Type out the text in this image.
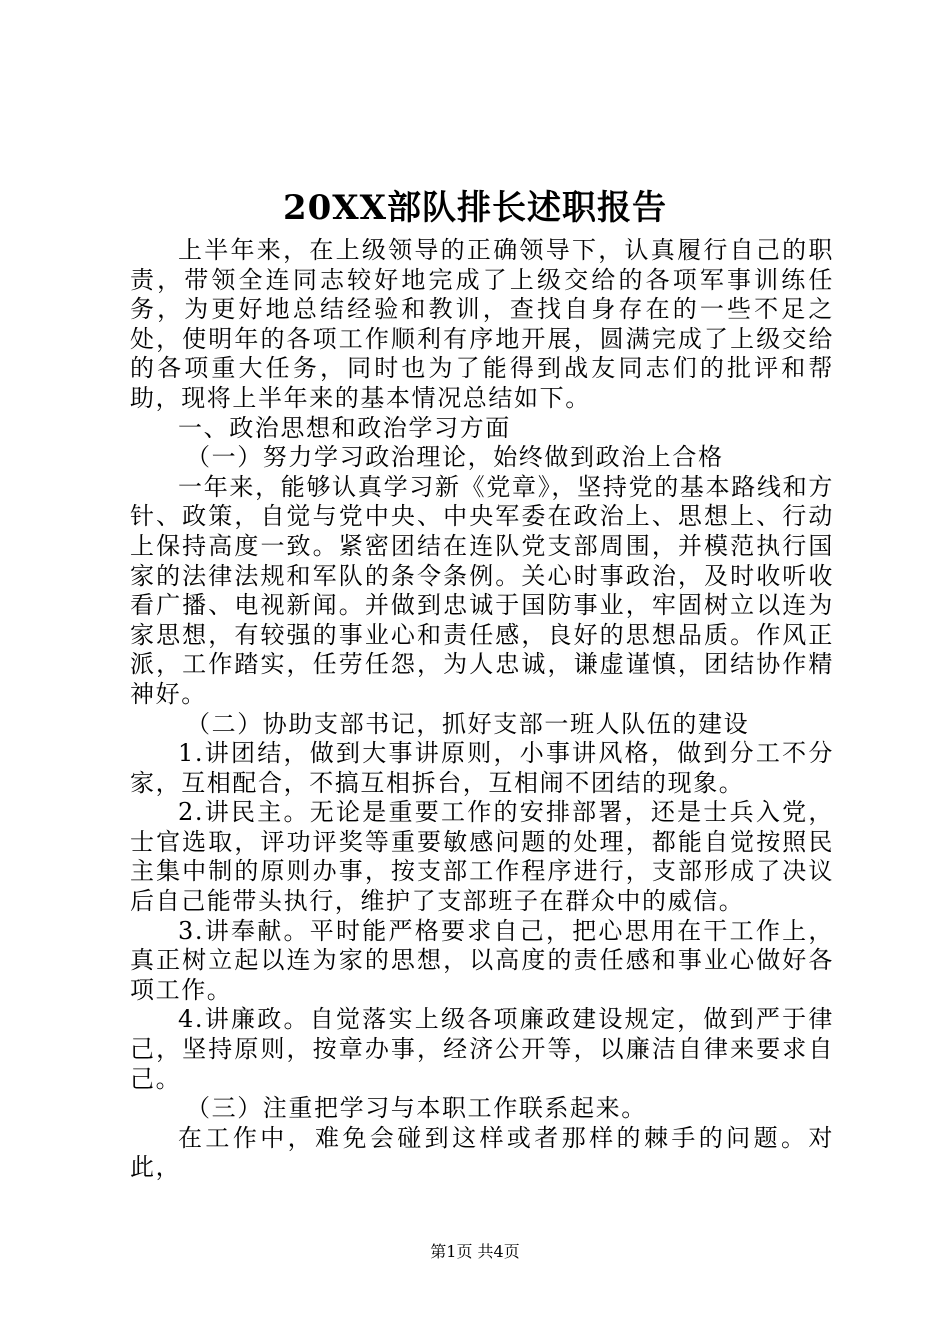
20XX部队排长述职报告

上半年来，在上级领导的正确领导下，认真履行自己的职责，带领全连同志较好地完成了上级交给的各项军事训练任务，为更好地总结经验和教训，查找自身存在的一些不足之处，使明年的各项工作顺利有序地开展，圆满完成了上级交给的各项重大任务，同时也为了能得到战友同志们的批评和帮助，现将上半年来的基本情况总结如下。

一、政治思想和政治学习方面

（一）努力学习政治理论，始终做到政治上合格

一年来，能够认真学习新《党章》，坚持党的基本路线和方针、政策，自觉与党中央、中央军委在政治上、思想上、行动上保持高度一致。紧密团结在连队党支部周围，并模范执行国家的法律法规和军队的条令条例。关心时事政治，及时收听收看广播、电视新闻。并做到忠诚于国防事业，牢固树立以连为家思想，有较强的事业心和责任感，良好的思想品质。作风正派，工作踏实，任劳任怨，为人忠诚，谦虚谨慎，团结协作精神好。

（二）协助支部书记，抓好支部一班人队伍的建设

1.讲团结，做到大事讲原则，小事讲风格，做到分工不分家，互相配合，不搞互相拆台，互相闹不团结的现象。

2.讲民主。无论是重要工作的安排部署，还是士兵入党，士官选取，评功评奖等重要敏感问题的处理，都能自觉按照民主集中制的原则办事，按支部工作程序进行，支部形成了决议后自己能带头执行，维护了支部班子在群众中的威信。

3.讲奉献。平时能严格要求自己，把心思用在干工作上，真正树立起以连为家的思想，以高度的责任感和事业心做好各项工作。

4.讲廉政。自觉落实上级各项廉政建设规定，做到严于律己，坚持原则，按章办事，经济公开等，以廉洁自律来要求自己。

（三）注重把学习与本职工作联系起来。

在工作中，难免会碰到这样或者那样的棘手的问题。对此，

第1页 共4页
